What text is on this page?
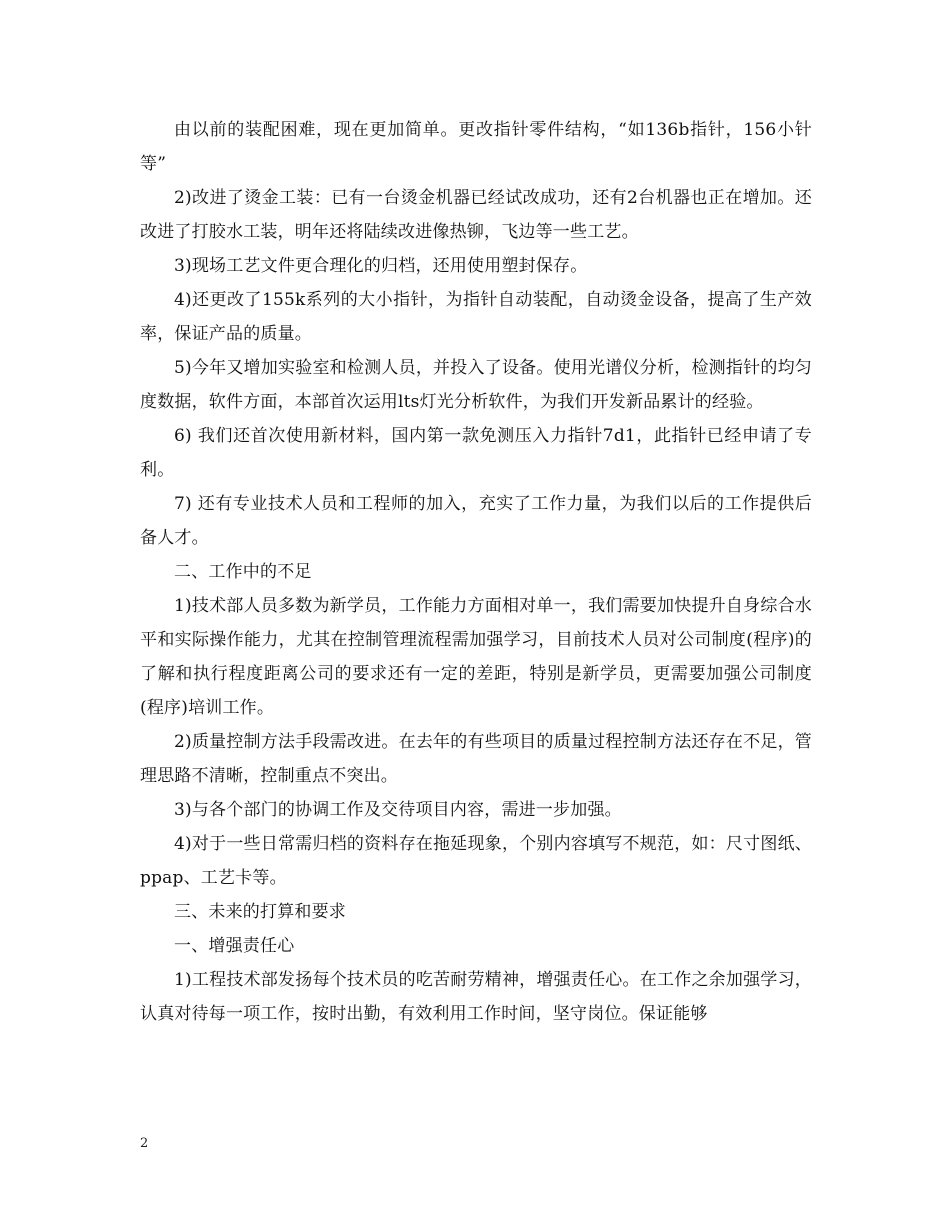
由以前的装配困难，现在更加简单。更改指针零件结构，“如136b指针，156小针等”

2)改进了烫金工装：已有一台烫金机器已经试改成功，还有2台机器也正在增加。还改进了打胶水工装，明年还将陆续改进像热铆，飞边等一些工艺。

3)现场工艺文件更合理化的归档，还用使用塑封保存。

4)还更改了155k系列的大小指针，为指针自动装配，自动烫金设备，提高了生产效率，保证产品的质量。

5)今年又增加实验室和检测人员，并投入了设备。使用光谱仪分析，检测指针的均匀度数据，软件方面，本部首次运用lts灯光分析软件，为我们开发新品累计的经验。

6) 我们还首次使用新材料，国内第一款免测压入力指针7d1，此指针已经申请了专利。

7) 还有专业技术人员和工程师的加入，充实了工作力量，为我们以后的工作提供后备人才。

二、工作中的不足

1)技术部人员多数为新学员，工作能力方面相对单一，我们需要加快提升自身综合水平和实际操作能力，尤其在控制管理流程需加强学习，目前技术人员对公司制度(程序)的了解和执行程度距离公司的要求还有一定的差距，特别是新学员，更需要加强公司制度(程序)培训工作。

2)质量控制方法手段需改进。在去年的有些项目的质量过程控制方法还存在不足，管理思路不清晰，控制重点不突出。

3)与各个部门的协调工作及交待项目内容，需进一步加强。

4)对于一些日常需归档的资料存在拖延现象，个别内容填写不规范，如：尺寸图纸、ppap、工艺卡等。

三、未来的打算和要求

一、增强责任心

1)工程技术部发扬每个技术员的吃苦耐劳精神，增强责任心。在工作之余加强学习，认真对待每一项工作，按时出勤，有效利用工作时间，坚守岗位。保证能够

2
